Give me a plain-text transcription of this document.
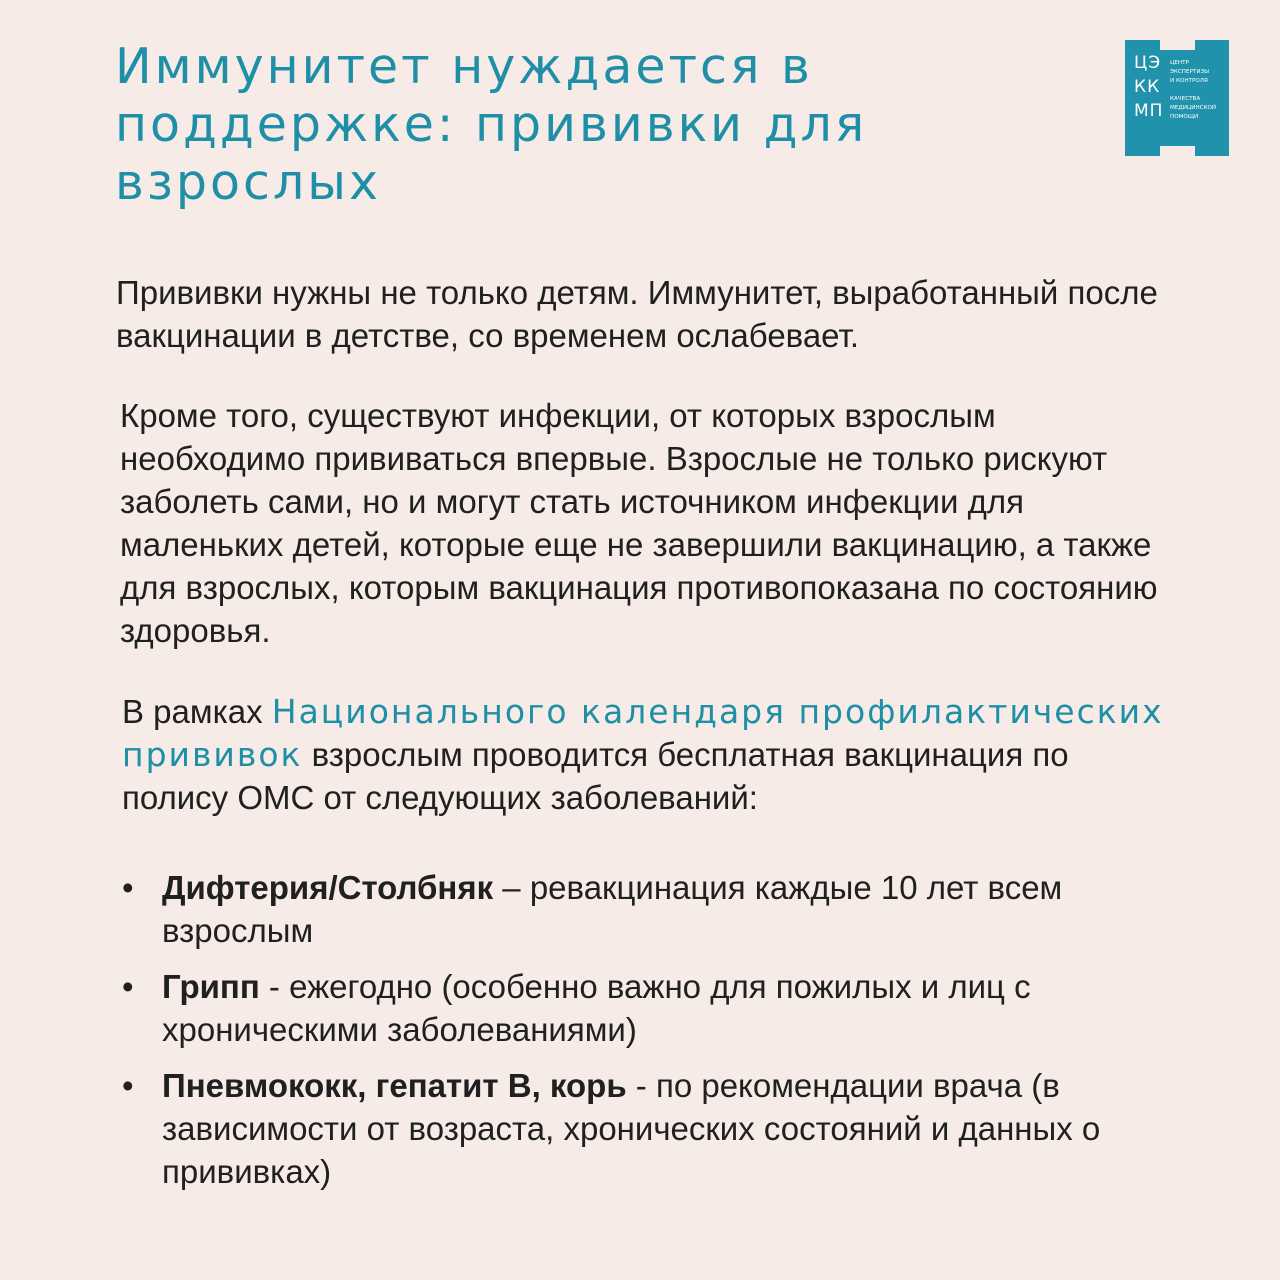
Иммунитет нуждается в поддержке: прививки для взрослых
ЦЭ
КК
МП
ЦЕНТР
ЭКСПЕРТИЗЫ
И КОНТРОЛЯ
КАЧЕСТВА
МЕДИЦИНСКОЙ
ПОМОЩИ

Прививки нужны не только детям. Иммунитет, выработанный после вакцинации в детстве, со временем ослабевает.

Кроме того, существуют инфекции, от которых взрослым необходимо прививаться впервые. Взрослые не только рискуют заболеть сами, но и могут стать источником инфекции для маленьких детей, которые еще не завершили вакцинацию, а также для взрослых, которым вакцинация противопоказана по состоянию здоровья.

В рамках Национального календаря профилактических прививок взрослым проводится бесплатная вакцинация по полису ОМС от следующих заболеваний:

• Дифтерия/Столбняк – ревакцинация каждые 10 лет всем взрослым
• Грипп - ежегодно (особенно важно для пожилых и лиц с хроническими заболеваниями)
• Пневмококк, гепатит В, корь - по рекомендации врача (в зависимости от возраста, хронических состояний и данных о прививках)
